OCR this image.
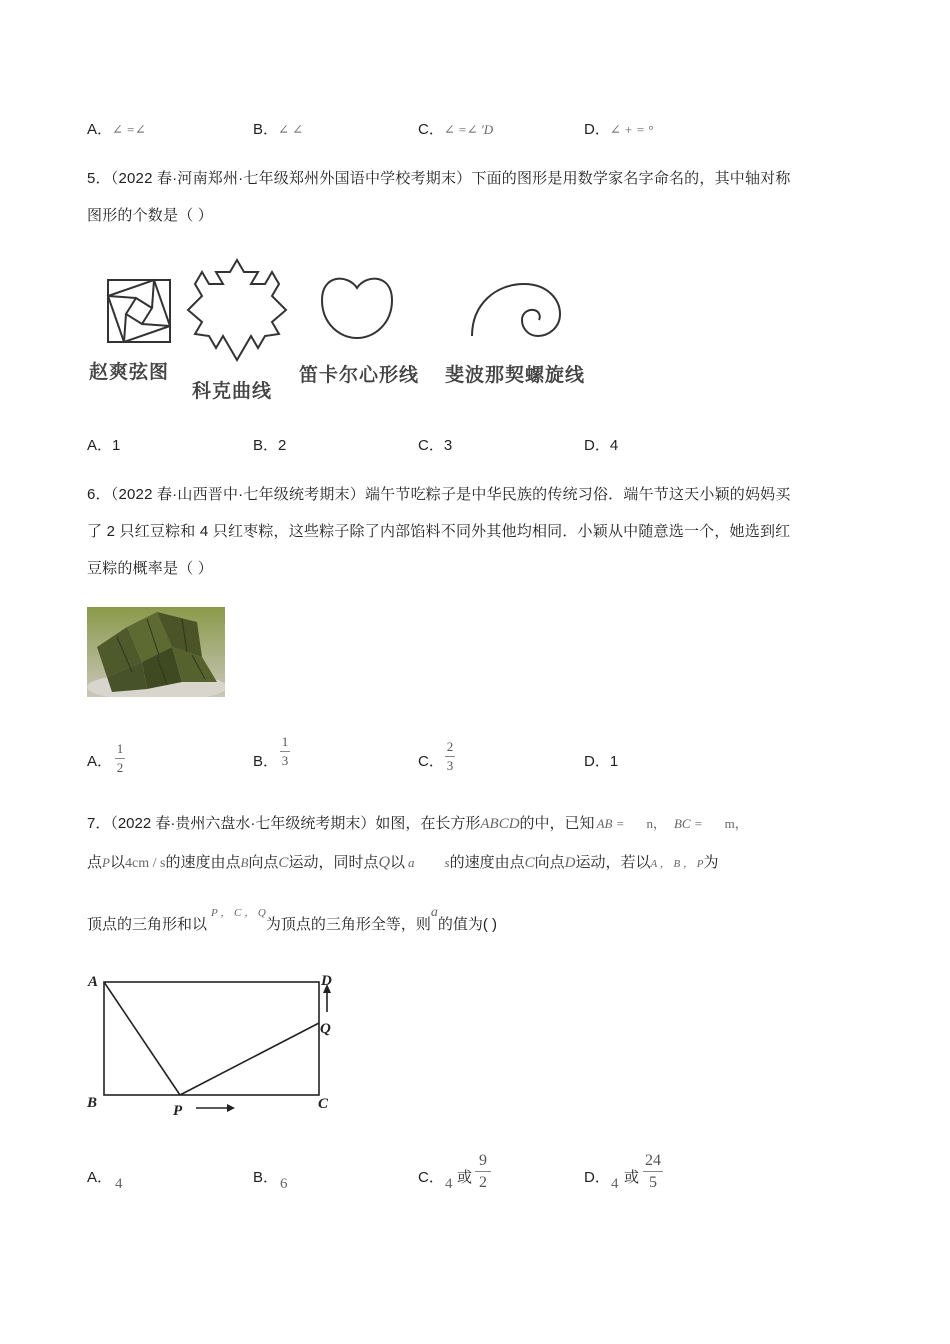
A．∠ =∠	B．∠ ∠	C．∠ =∠ ′D	D．∠ + = °
5．（2022 春·河南郑州·七年级郑州外国语中学校考期末）下面的图形是用数学家名字命名的，其中轴对称
图形的个数是（ ）
赵爽弦图
科克曲线
笛卡尔心形线 斐波那契螺旋线
A．1	B．2	C．3	D．4
6．（2022 春·山西晋中·七年级统考期末）端午节吃粽子是中华民族的传统习俗．端午节这天小颖的妈妈买
了 2 只红豆粽和 4 只红枣粽，这些粽子除了内部馅料不同外其他均相同．小颖从中随意选一个，她选到红
豆粽的概率是（ ）
A．
1
2	B．
1
3	C．
2
3	D．1
7．（2022 春·贵州六盘水·七年级统考期末）如图，在长方形ABCD的中，已知 AB = n， BC = m，
点P以4cm / s的速度由点B向点C运动，同时点Q以 a s的速度由点C向点D运动，若以A ， B ， P为
顶点的三角形和以P ， C ， Q为顶点的三角形全等，则a的值为( )
A	D
B	C
P
Q
A． 4	B． 6	C． 4 或
9
2	D． 4 或
24
5
